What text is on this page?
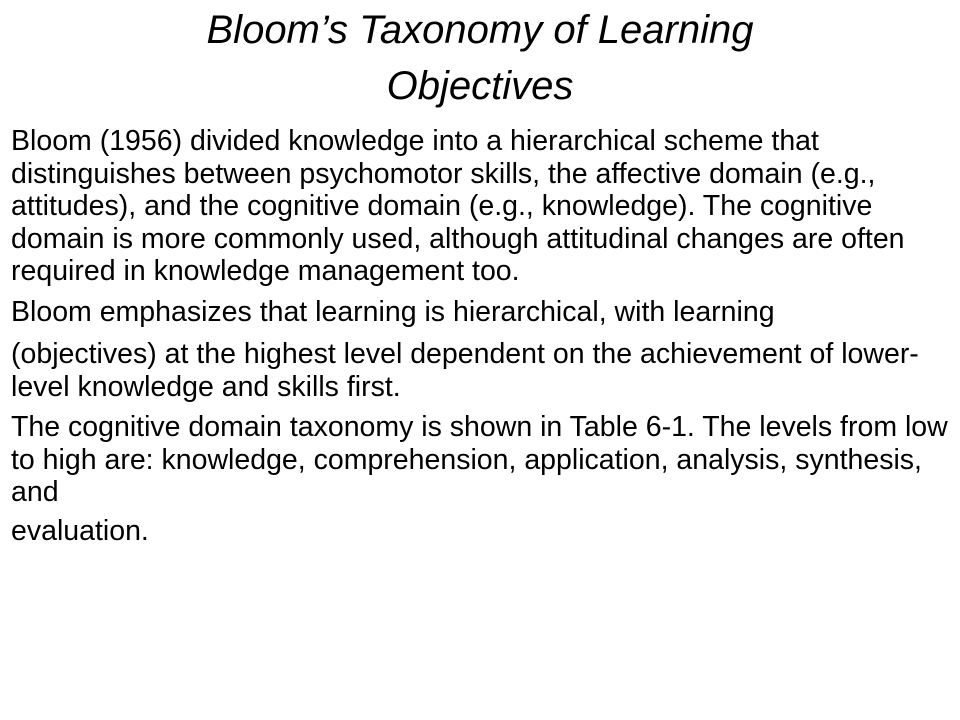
Bloom’s Taxonomy of Learning
Objectives

Bloom (1956) divided knowledge into a hierarchical scheme that distinguishes between psychomotor skills, the affective domain (e.g., attitudes), and the cognitive domain (e.g., knowledge). The cognitive domain is more commonly used, although attitudinal changes are often required in knowledge management too.

Bloom emphasizes that learning is hierarchical, with learning

(objectives) at the highest level dependent on the achievement of lower-level knowledge and skills first.

The cognitive domain taxonomy is shown in Table 6-1. The levels from low to high are: knowledge, comprehension, application, analysis, synthesis, and

evaluation.
